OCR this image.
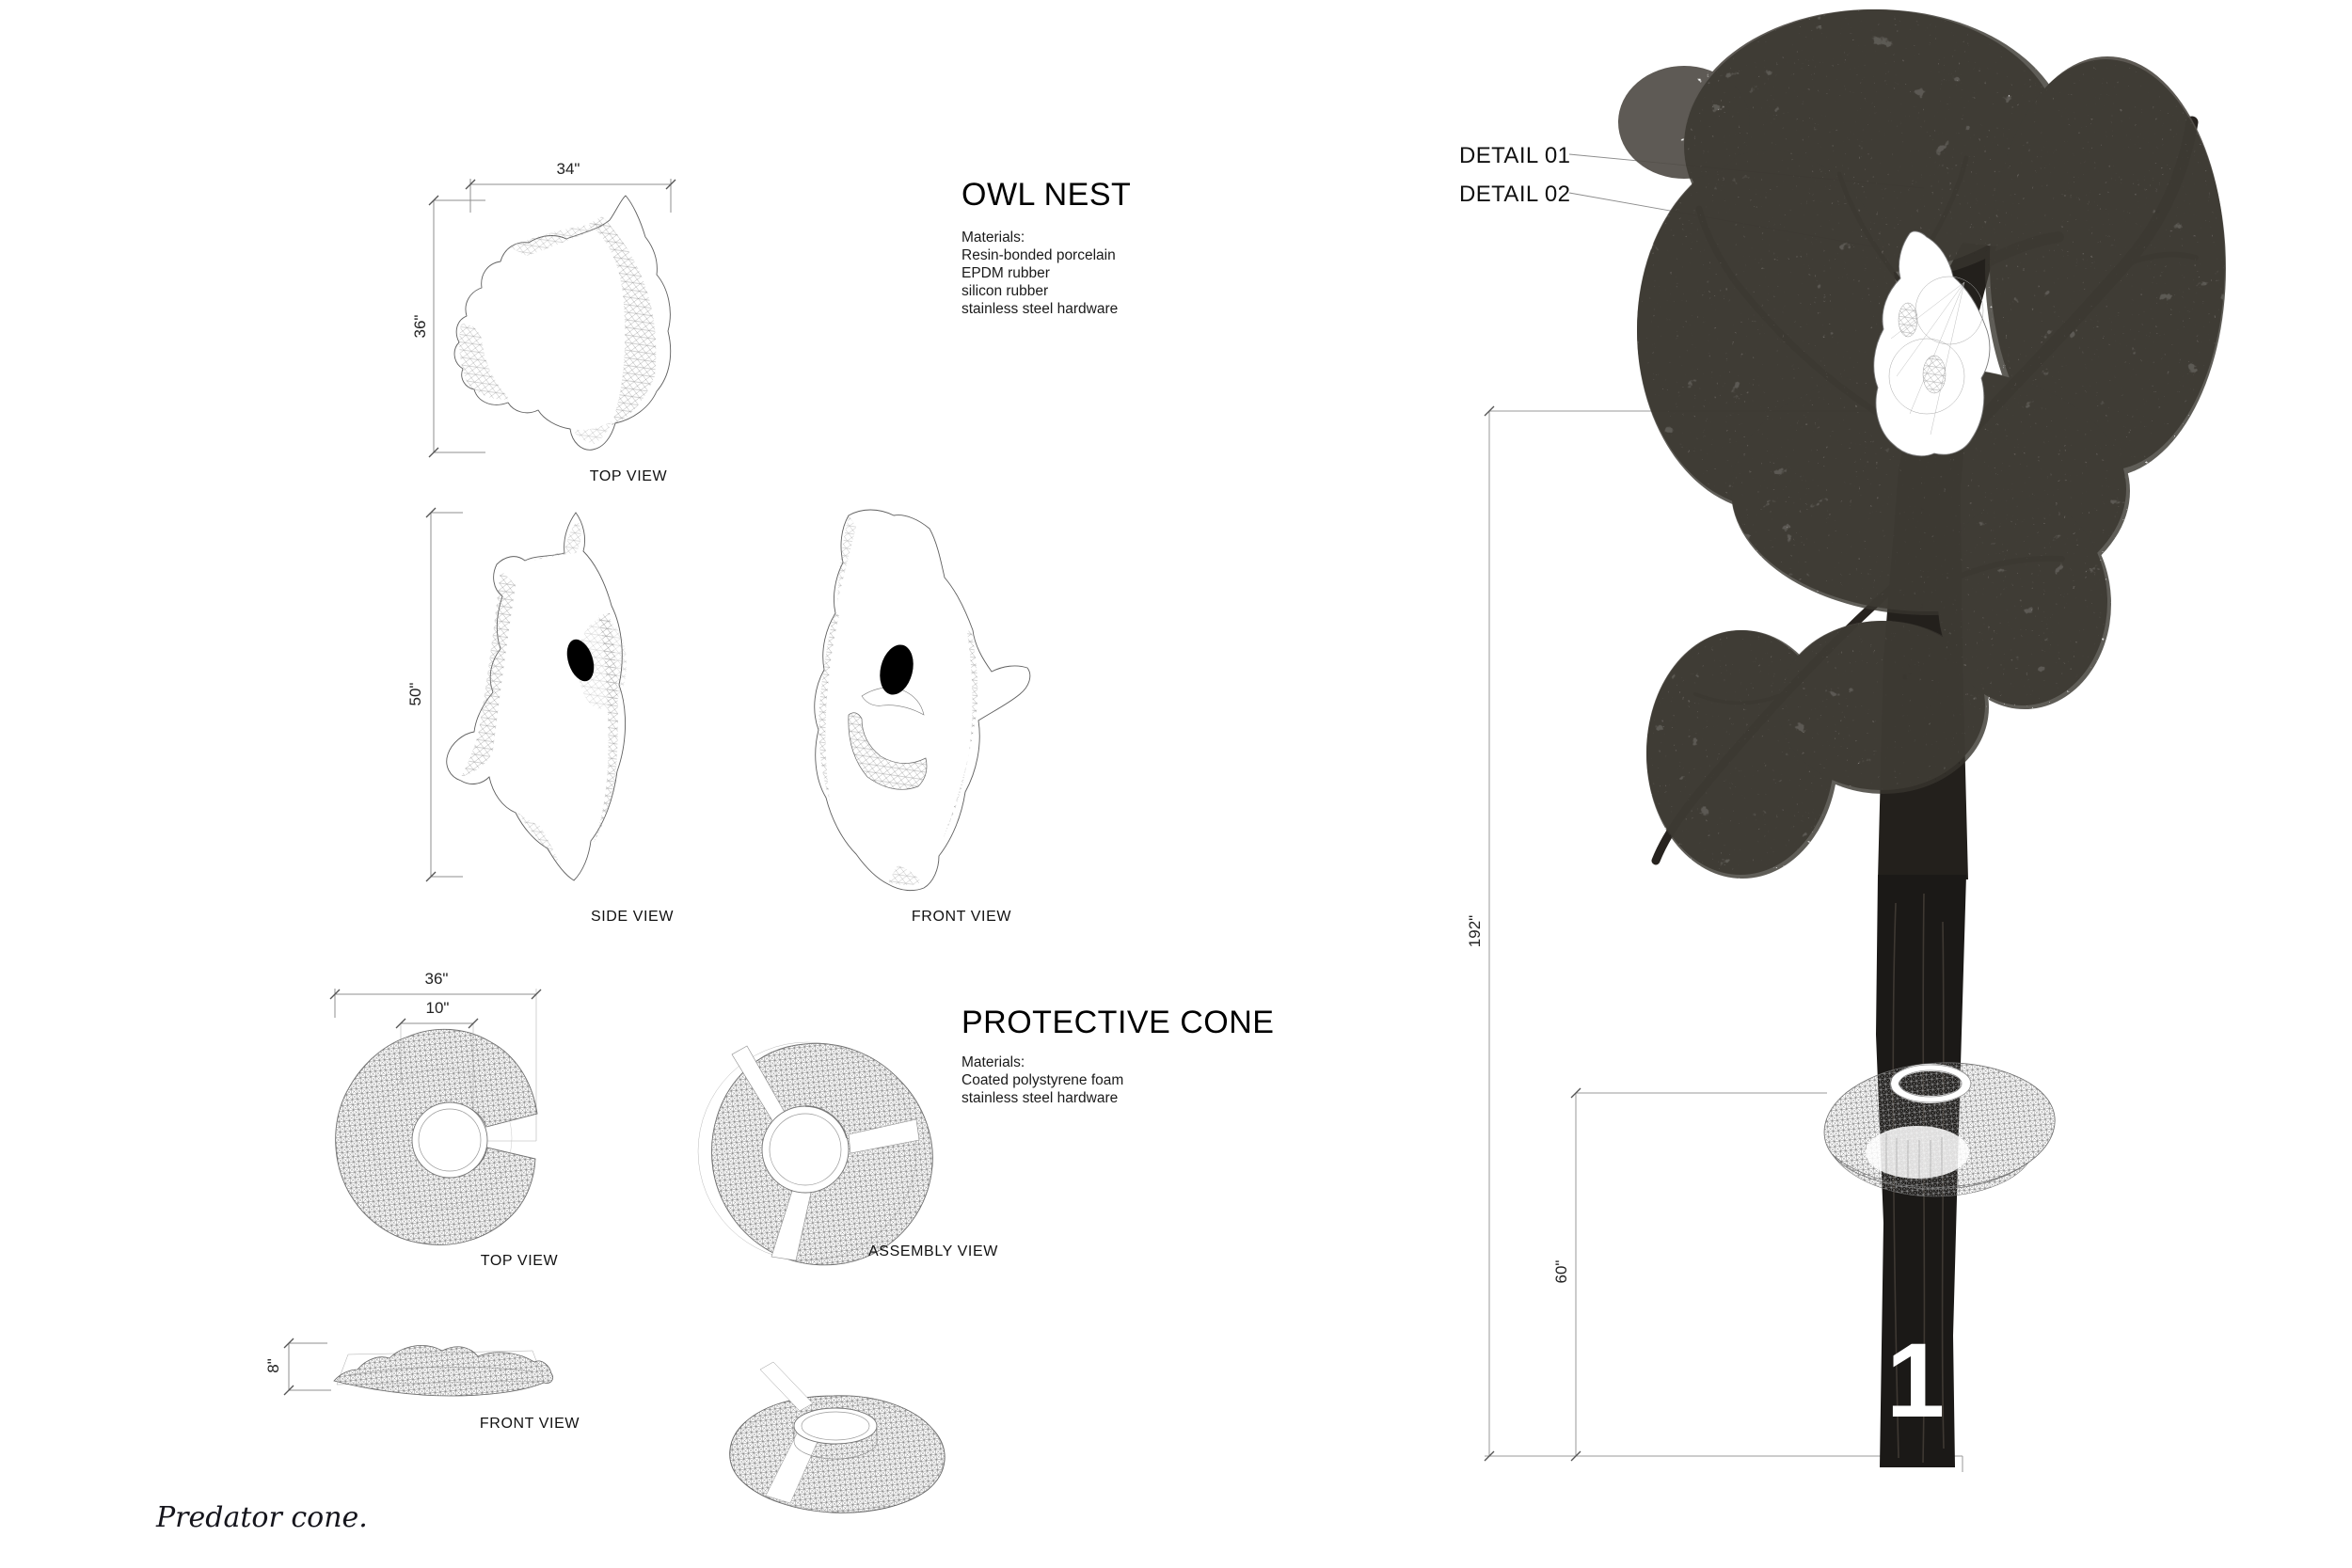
OWL NEST
Materials:
Resin-bonded porcelain
EPDM rubber
silicon rubber
stainless steel hardware
34"
36"
50"
TOP VIEW
SIDE VIEW	FRONT VIEW
PROTECTIVE CONE
Materials:
Coated polystyrene foam
stainless steel hardware
36"
10"
8"
TOP VIEW
ASSEMBLY VIEW
FRONT VIEW
DETAIL 01
DETAIL 02
192"
60"
1
Predator cone.
